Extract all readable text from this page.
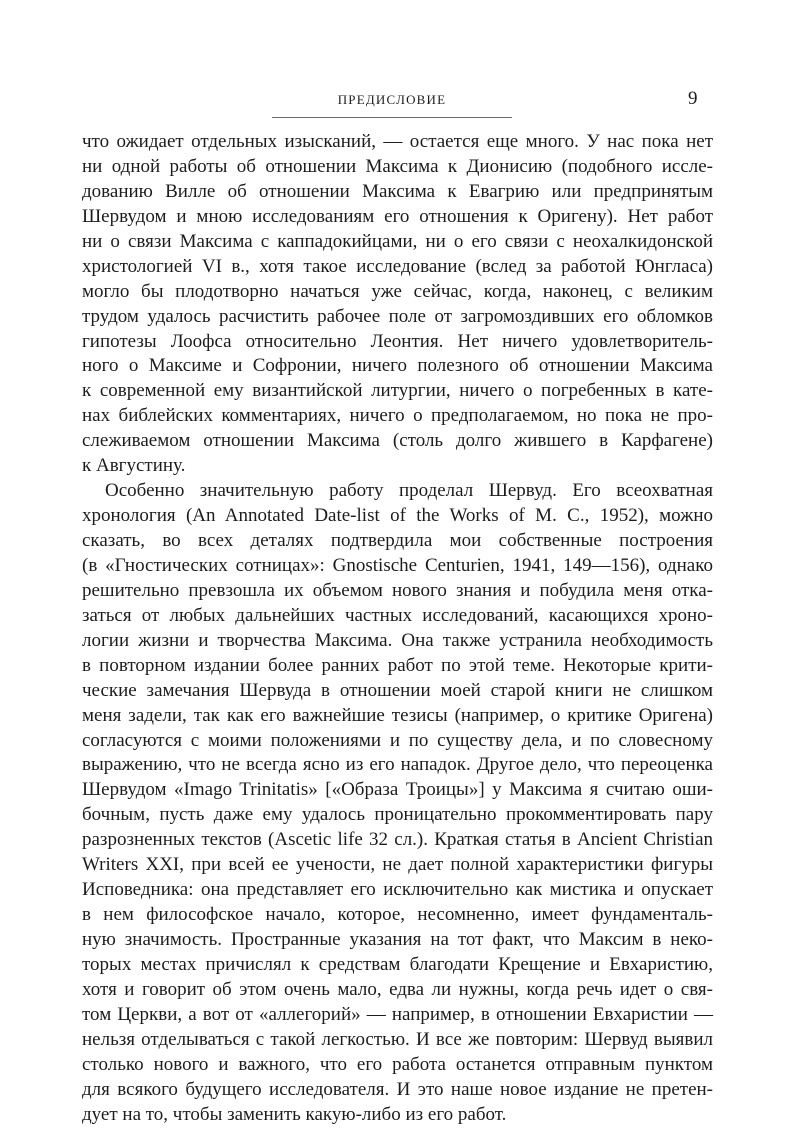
ПРЕДИСЛОВИЕ	9
что ожидает отдельных изысканий, — остается еще много. У нас пока нет
ни одной работы об отношении Максима к Дионисию (подобного иссле-
дованию Вилле об отношении Максима к Евагрию или предпринятым
Шервудом и мною исследованиям его отношения к Оригену). Нет работ
ни о связи Максима с каппадокийцами, ни о его связи с неохалкидонской
христологией VI в., хотя такое исследование (вслед за работой Юнгласа)
могло бы плодотворно начаться уже сейчас, когда, наконец, с великим
трудом удалось расчистить рабочее поле от загромоздивших его обломков
гипотезы Лоофса относительно Леонтия. Нет ничего удовлетворитель-
ного о Максиме и Софронии, ничего полезного об отношении Максима
к современной ему византийской литургии, ничего о погребенных в кате-
нах библейских комментариях, ничего о предполагаемом, но пока не про-
слеживаемом отношении Максима (столь долго жившего в Карфагене)
к Августину.
Особенно значительную работу проделал Шервуд. Его всеохватная
хронология (An Annotated Date-list of the Works of M. C., 1952), можно
сказать, во всех деталях подтвердила мои собственные построения
(в «Гностических сотницах»: Gnostische Centurien, 1941, 149—156), однако
решительно превзошла их объемом нового знания и побудила меня отка-
заться от любых дальнейших частных исследований, касающихся хроно-
логии жизни и творчества Максима. Она также устранила необходимость
в повторном издании более ранних работ по этой теме. Некоторые крити-
ческие замечания Шервуда в отношении моей старой книги не слишком
меня задели, так как его важнейшие тезисы (например, о критике Оригена)
согласуются с моими положениями и по существу дела, и по словесному
выражению, что не всегда ясно из его нападок. Другое дело, что переоценка
Шервудом «Imago Trinitatis» [«Образа Троицы»] у Максима я считаю оши-
бочным, пусть даже ему удалось проницательно прокомментировать пару
разрозненных текстов (Ascetic life 32 сл.). Краткая статья в Ancient Christian
Writers XXI, при всей ее учености, не дает полной характеристики фигуры
Исповедника: она представляет его исключительно как мистика и опускает
в нем философское начало, которое, несомненно, имеет фундаменталь-
ную значимость. Пространные указания на тот факт, что Максим в неко-
торых местах причислял к средствам благодати Крещение и Евхаристию,
хотя и говорит об этом очень мало, едва ли нужны, когда речь идет о свя-
том Церкви, а вот от «аллегорий» — например, в отношении Евхаристии —
нельзя отделываться с такой легкостью. И все же повторим: Шервуд выявил
столько нового и важного, что его работа останется отправным пунктом
для всякого будущего исследователя. И это наше новое издание не претен-
дует на то, чтобы заменить какую-либо из его работ.
